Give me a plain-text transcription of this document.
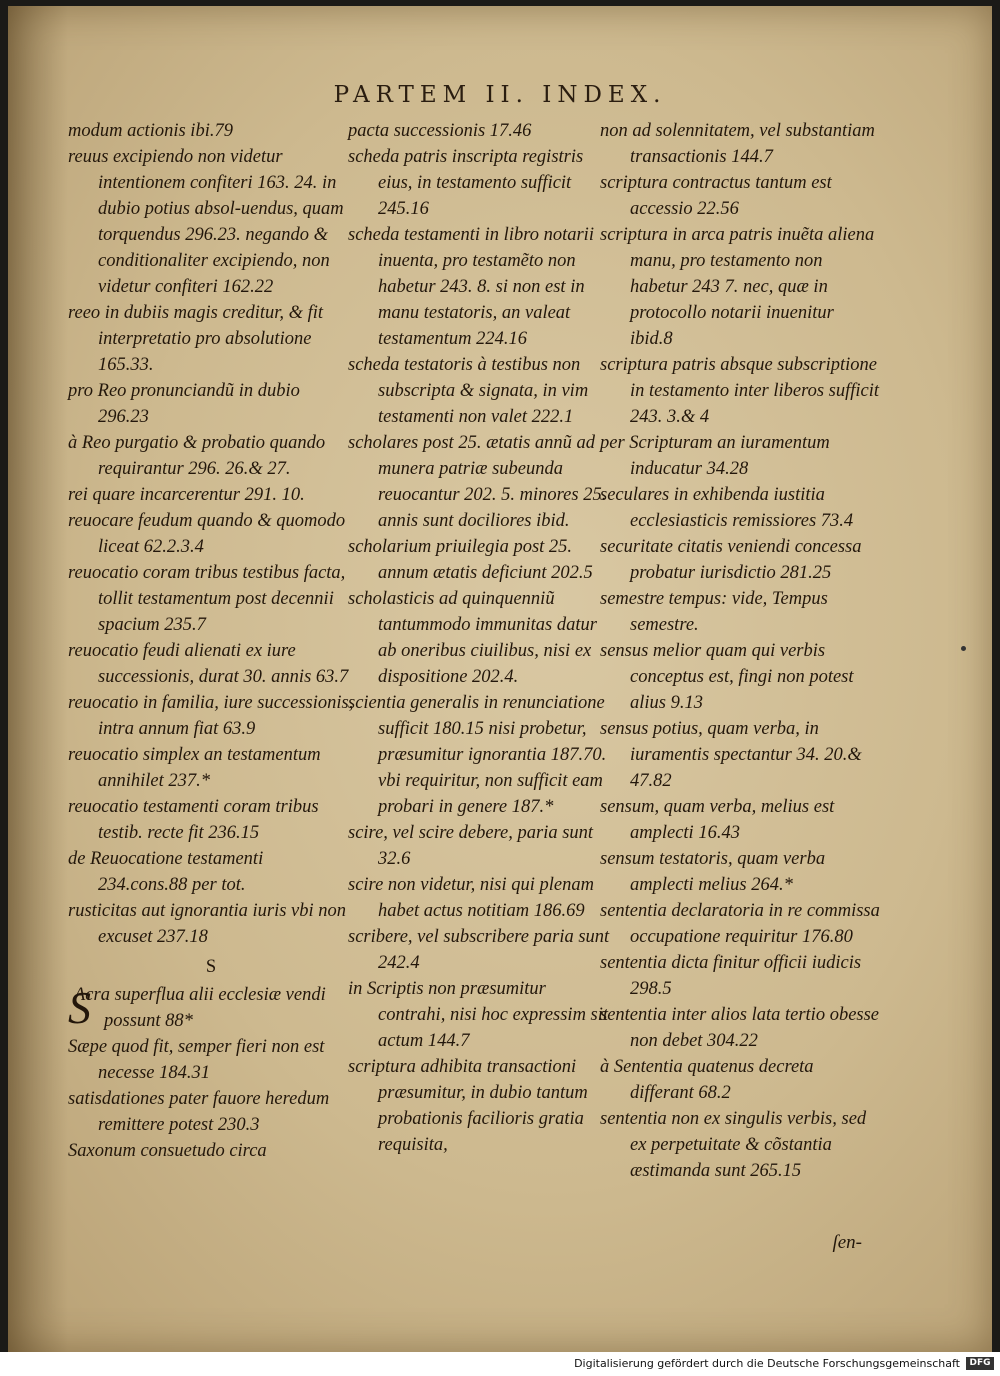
PARTEM II. INDEX.

modum actionis ibi.79

reuus excipiendo non videtur intentionem confiteri 163. 24. in dubio potius absol-uendus, quam torquendus 296.23. negando & conditionaliter excipiendo, non videtur confiteri 162.22

reeo in dubiis magis creditur, & fit interpretatio pro absolutione 165.33.

pro Reo pronunciandũ in dubio 296.23

à Reo purgatio & probatio quando requirantur 296. 26.& 27.

rei quare incarcerentur 291. 10.

reuocare feudum quando & quomodo liceat 62.2.3.4

reuocatio coram tribus testibus facta, tollit testamentum post decennii spacium 235.7

reuocatio feudi alienati ex iure successionis, durat 30. annis 63.7

reuocatio in familia, iure successionis, intra annum fiat 63.9

reuocatio simplex an testamentum annihilet 237.*

reuocatio testamenti coram tribus testib. recte fit 236.15

de Reuocatione testamenti 234.cons.88 per tot.

rusticitas aut ignorantia iuris vbi non excuset 237.18

S

S
Acra superflua alii ecclesiæ vendi possunt 88*

Sæpe quod fit, semper fieri non est necesse 184.31

satisdationes pater fauore heredum remittere potest 230.3

Saxonum consuetudo circa

pacta successionis 17.46

scheda patris inscripta registris eius, in testamento sufficit 245.16

scheda testamenti in libro notarii inuenta, pro testamẽto non habetur 243. 8. si non est in manu testatoris, an valeat testamentum 224.16

scheda testatoris à testibus non subscripta & signata, in vim testamenti non valet 222.1

scholares post 25. ætatis annũ ad munera patriæ subeunda reuocantur 202. 5. minores 25. annis sunt dociliores ibid.

scholarium priuilegia post 25. annum ætatis deficiunt 202.5

scholasticis ad quinquenniũ tantummodo immunitas datur ab oneribus ciuilibus, nisi ex dispositione 202.4.

scientia generalis in renunciatione sufficit 180.15 nisi probetur, præsumitur ignorantia 187.70. vbi requiritur, non sufficit eam probari in genere 187.*

scire, vel scire debere, paria sunt 32.6

scire non videtur, nisi qui plenam habet actus notitiam 186.69

scribere, vel subscribere paria sunt 242.4

in Scriptis non præsumitur contrahi, nisi hoc expressim sit actum 144.7

scriptura adhibita transactioni præsumitur, in dubio tantum probationis facilioris gratia requisita,

non ad solennitatem, vel substantiam transactionis 144.7

scriptura contractus tantum est accessio 22.56

scriptura in arca patris inuẽta aliena manu, pro testamento non habetur 243 7. nec, quæ in protocollo notarii inuenitur ibid.8

scriptura patris absque subscriptione in testamento inter liberos sufficit 243. 3.& 4

per Scripturam an iuramentum inducatur 34.28

seculares in exhibenda iustitia ecclesiasticis remissiores 73.4

securitate citatis veniendi concessa probatur iurisdictio 281.25

semestre tempus: vide, Tempus semestre.

sensus melior quam qui verbis conceptus est, fingi non potest alius 9.13

sensus potius, quam verba, in iuramentis spectantur 34. 20.& 47.82

sensum, quam verba, melius est amplecti 16.43

sensum testatoris, quam verba amplecti melius 264.*

sententia declaratoria in re commissa occupatione requiritur 176.80

sententia dicta finitur officii iudicis 298.5

sententia inter alios lata tertio obesse non debet 304.22

à Sententia quatenus decreta differant 68.2

sententia non ex singulis verbis, sed ex perpetuitate & cõstantia æstimanda sunt 265.15

ſen-
Digitalisierung gefördert durch die Deutsche Forschungsgemeinschaft	DFG
